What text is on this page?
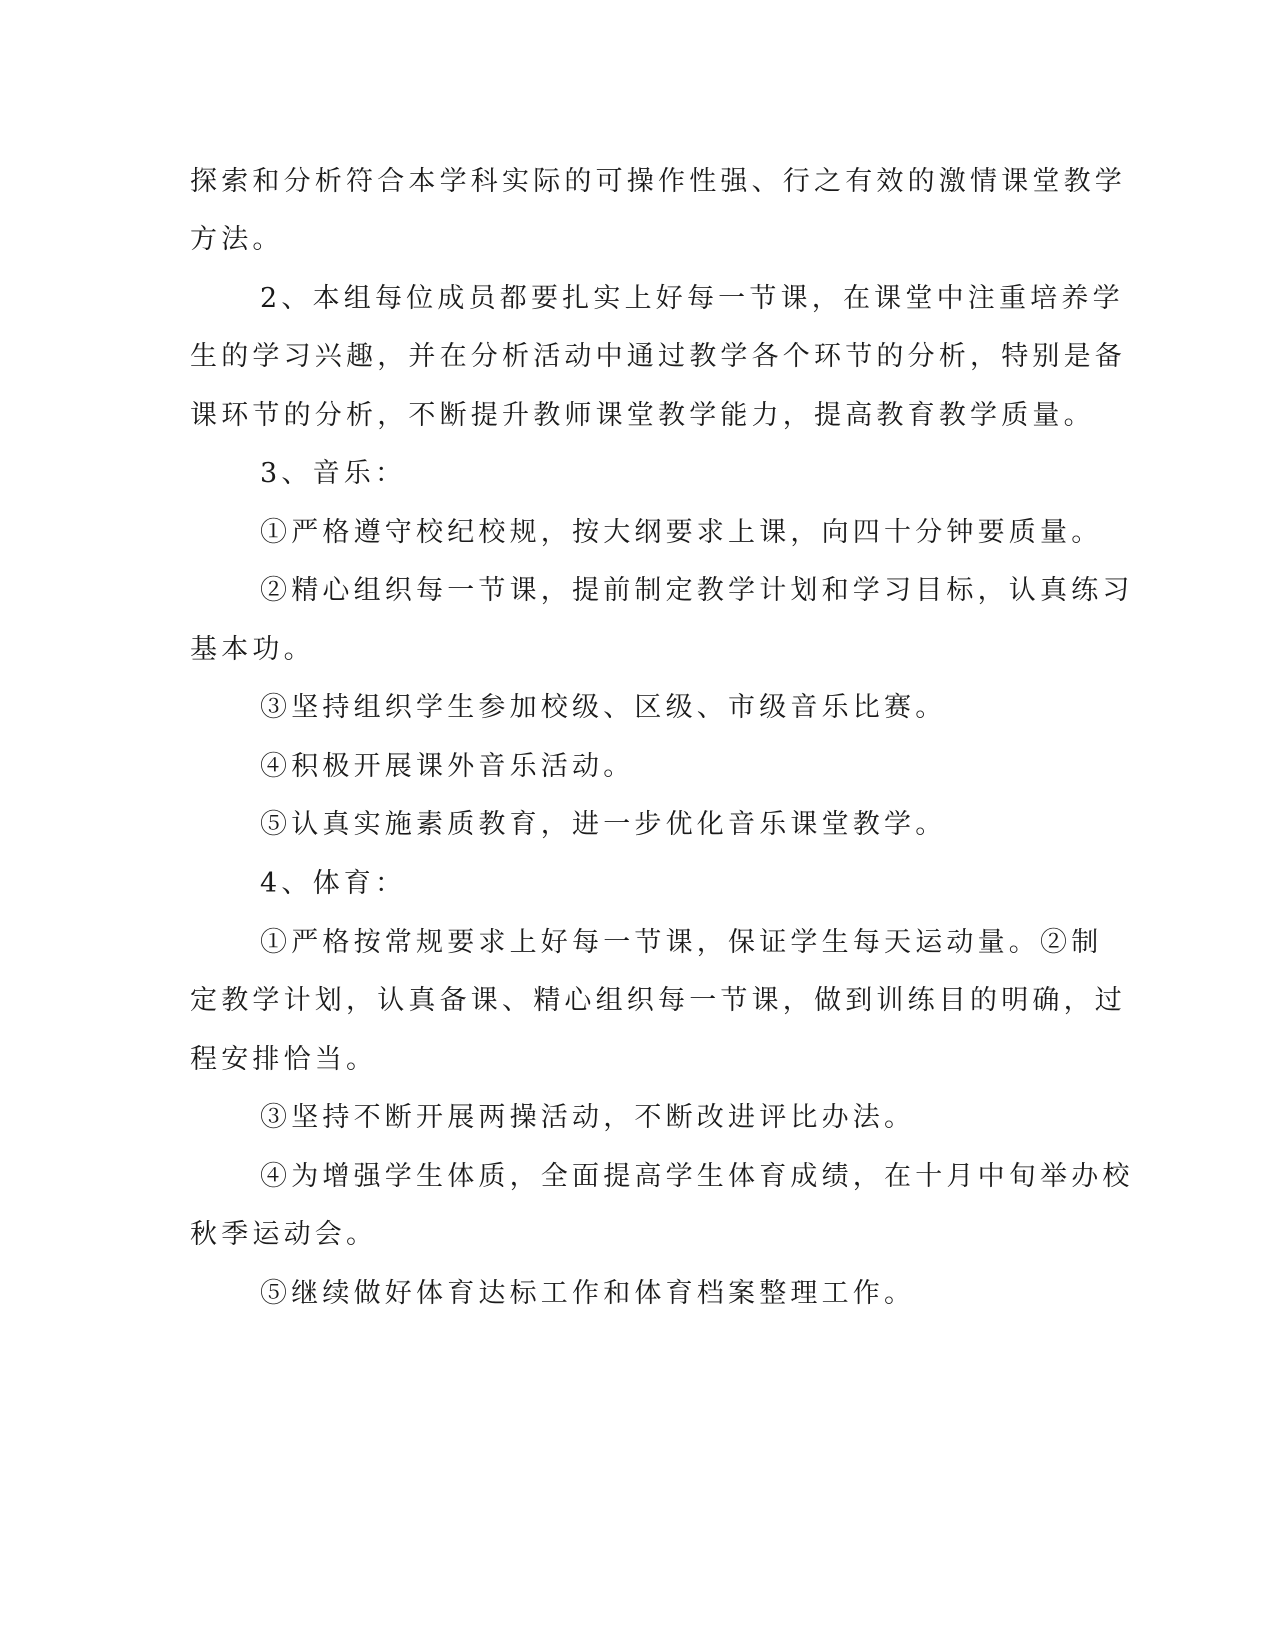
探索和分析符合本学科实际的可操作性强、行之有效的激情课堂教学
方法。
2、本组每位成员都要扎实上好每一节课，在课堂中注重培养学
生的学习兴趣，并在分析活动中通过教学各个环节的分析，特别是备
课环节的分析，不断提升教师课堂教学能力，提高教育教学质量。
3、音乐：
①严格遵守校纪校规，按大纲要求上课，向四十分钟要质量。
②精心组织每一节课，提前制定教学计划和学习目标，认真练习
基本功。
③坚持组织学生参加校级、区级、市级音乐比赛。
④积极开展课外音乐活动。
⑤认真实施素质教育，进一步优化音乐课堂教学。
4、体育：
①严格按常规要求上好每一节课，保证学生每天运动量。②制
定教学计划，认真备课、精心组织每一节课，做到训练目的明确，过
程安排恰当。
③坚持不断开展两操活动，不断改进评比办法。
④为增强学生体质，全面提高学生体育成绩，在十月中旬举办校
秋季运动会。
⑤继续做好体育达标工作和体育档案整理工作。
